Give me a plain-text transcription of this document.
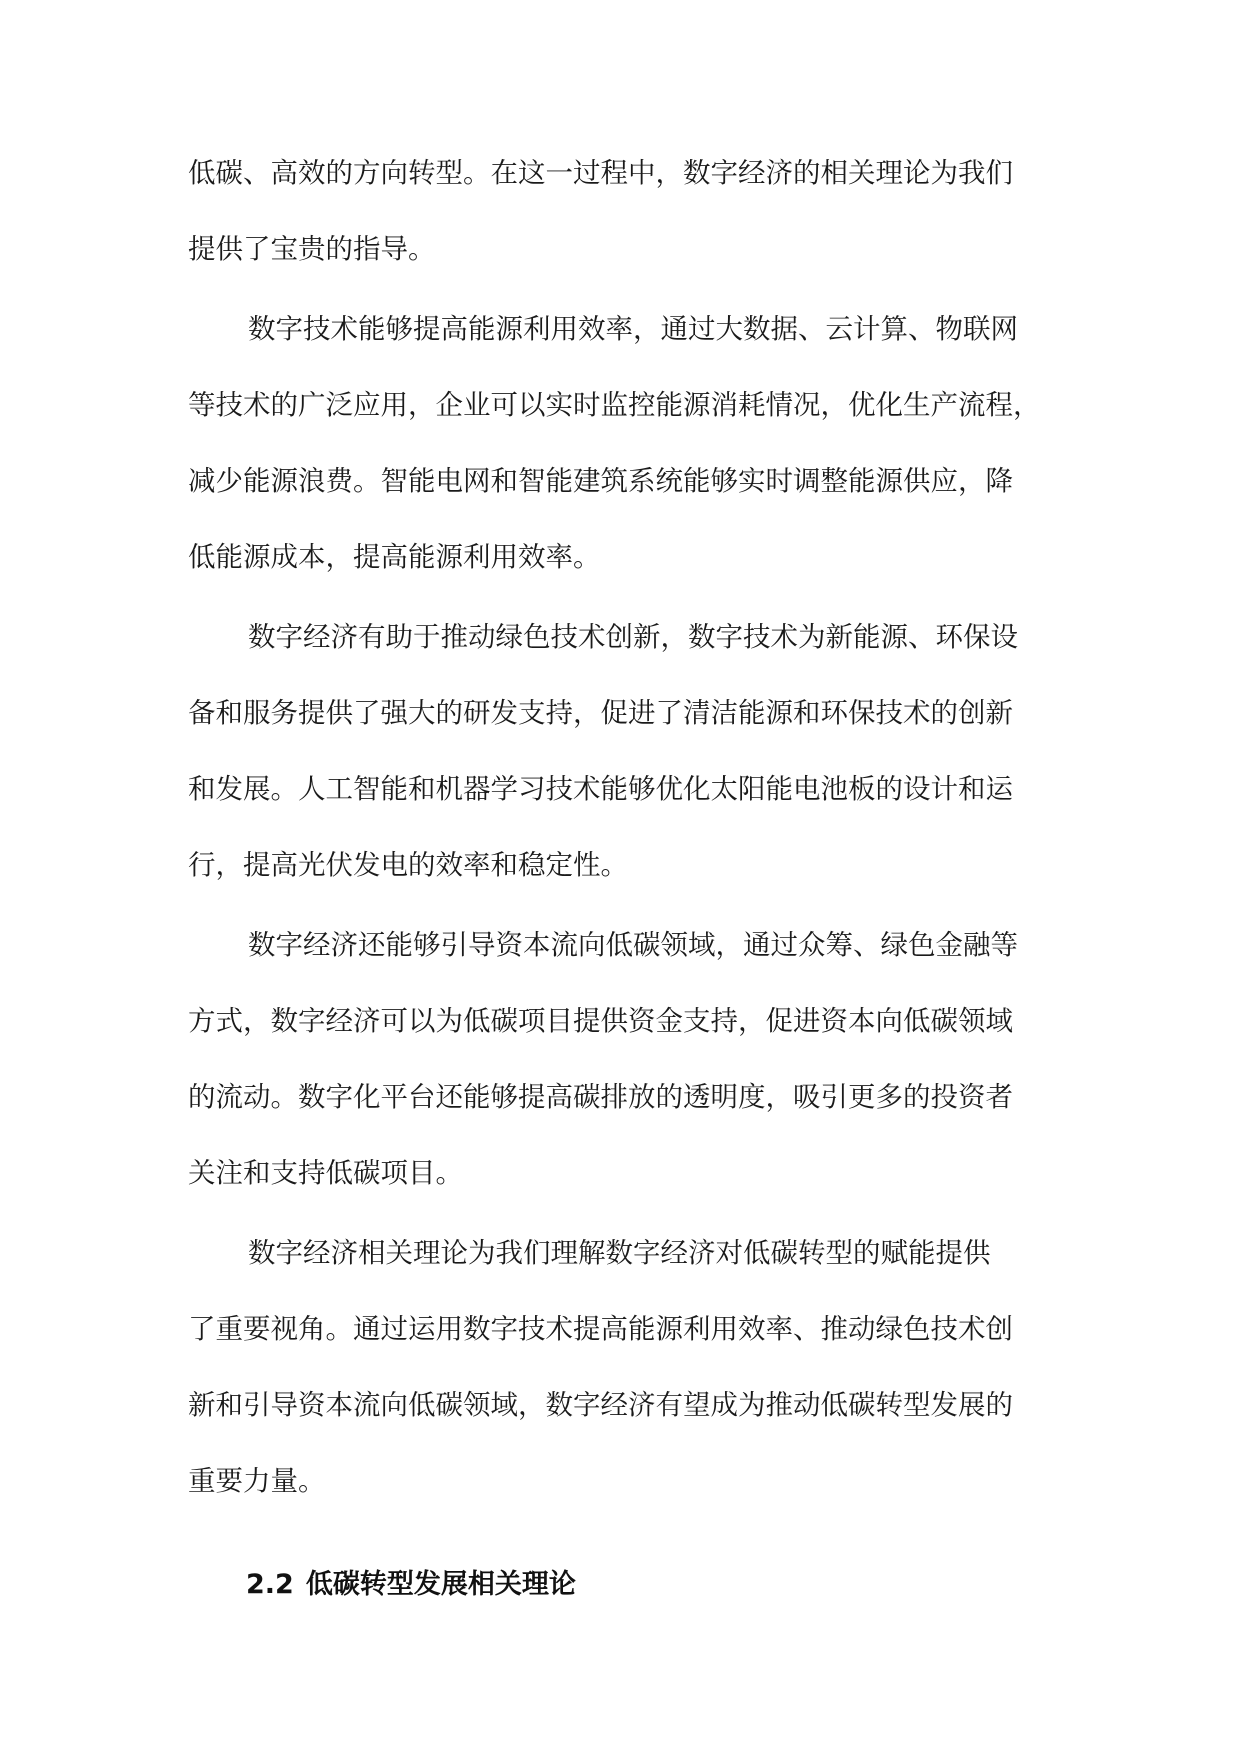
低碳、高效的方向转型。在这一过程中，数字经济的相关理论为我们
提供了宝贵的指导。

数字技术能够提高能源利用效率，通过大数据、云计算、物联网
等技术的广泛应用，企业可以实时监控能源消耗情况，优化生产流程，
减少能源浪费。智能电网和智能建筑系统能够实时调整能源供应，降
低能源成本，提高能源利用效率。

数字经济有助于推动绿色技术创新，数字技术为新能源、环保设
备和服务提供了强大的研发支持，促进了清洁能源和环保技术的创新
和发展。人工智能和机器学习技术能够优化太阳能电池板的设计和运
行，提高光伏发电的效率和稳定性。

数字经济还能够引导资本流向低碳领域，通过众筹、绿色金融等
方式，数字经济可以为低碳项目提供资金支持，促进资本向低碳领域
的流动。数字化平台还能够提高碳排放的透明度，吸引更多的投资者
关注和支持低碳项目。

数字经济相关理论为我们理解数字经济对低碳转型的赋能提供
了重要视角。通过运用数字技术提高能源利用效率、推动绿色技术创
新和引导资本流向低碳领域，数字经济有望成为推动低碳转型发展的
重要力量。

2.2 低碳转型发展相关理论
